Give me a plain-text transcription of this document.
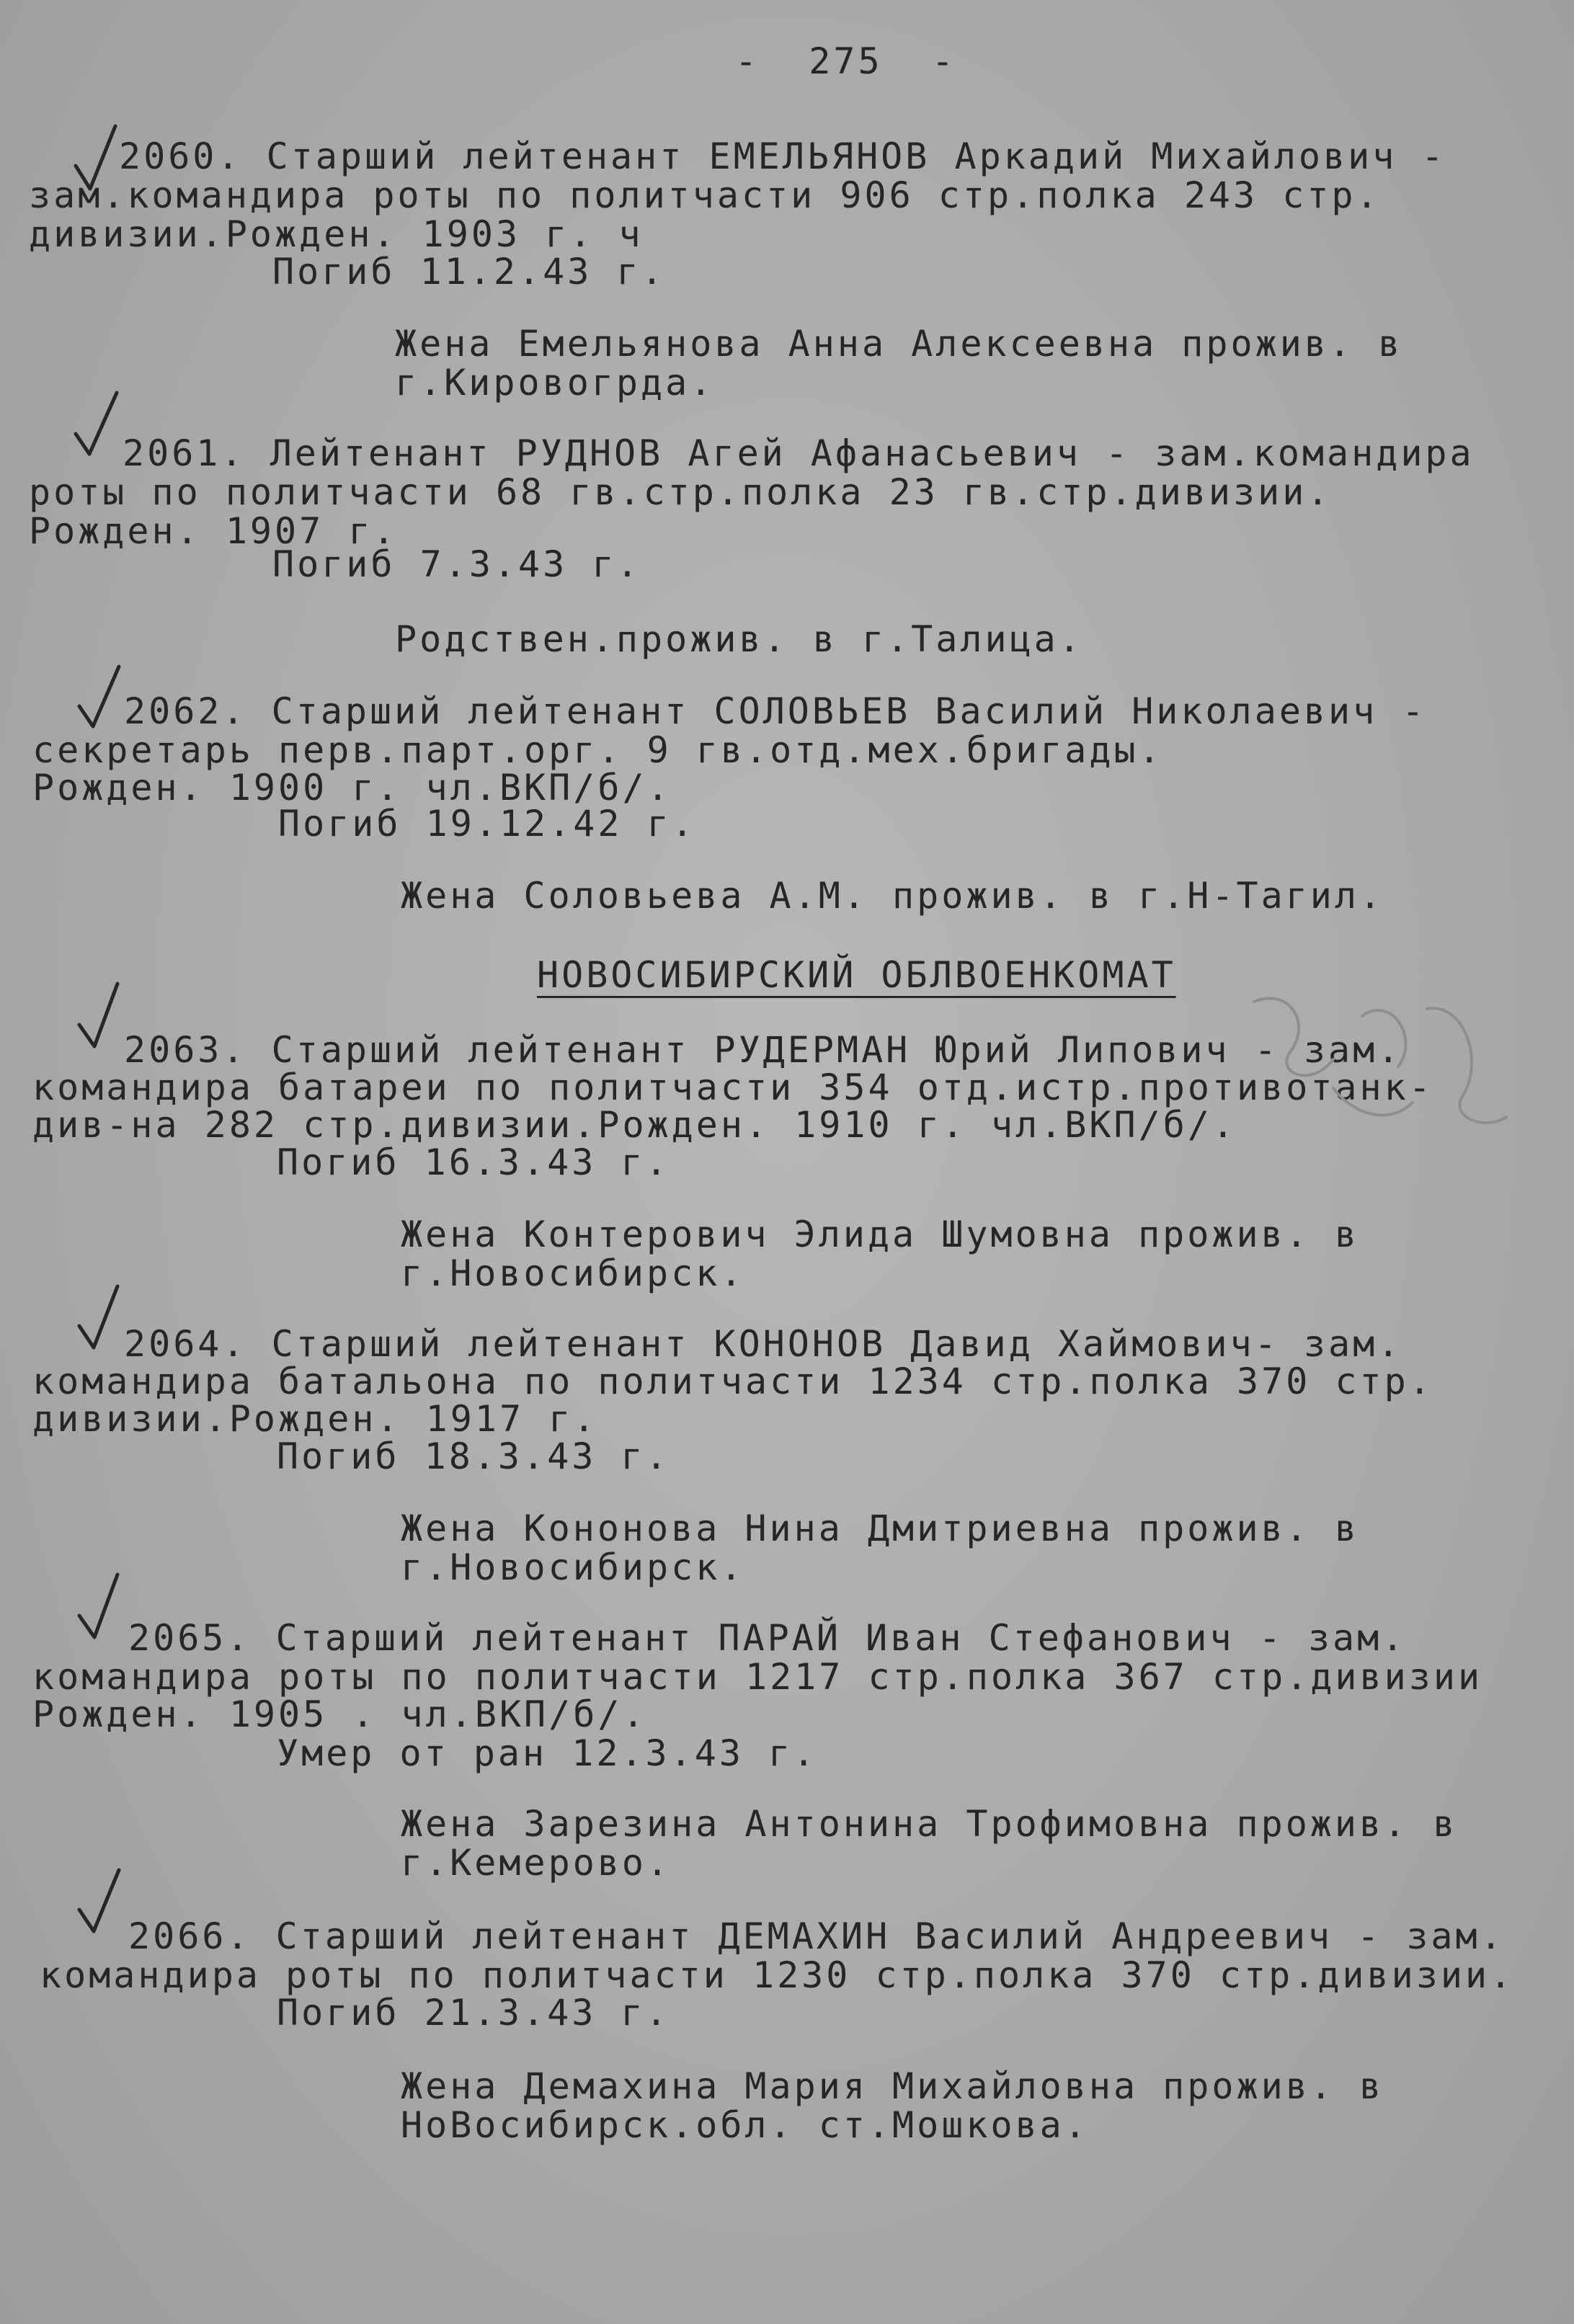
-  275  -
2060. Старший лейтенант ЕМЕЛЬЯНОВ Аркадий Михайлович -
зам.командира роты по политчасти 906 стр.полка 243 стр.
дивизии.Рожден. 1903 г. ч
Погиб 11.2.43 г.
Жена Емельянова Анна Алексеевна прожив. в
г.Кировогрда.
2061. Лейтенант РУДНОВ Агей Афанасьевич - зам.командира
роты по политчасти 68 гв.стр.полка 23 гв.стр.дивизии.
Рожден. 1907 г.
Погиб 7.3.43 г.
Родствен.прожив. в г.Талица.
2062. Старший лейтенант СОЛОВЬЕВ Василий Николаевич -
секретарь перв.парт.орг. 9 гв.отд.мех.бригады.
Рожден. 1900 г. чл.ВКП/б/.
Погиб 19.12.42 г.
Жена Соловьева А.М. прожив. в г.Н-Тагил.
НОВОСИБИРСКИЙ ОБЛВОЕНКОМАТ
2063. Старший лейтенант РУДЕРМАН Юрий Липович - зам.
командира батареи по политчасти 354 отд.истр.противотанк-
див-на 282 стр.дивизии.Рожден. 1910 г. чл.ВКП/б/.
Погиб 16.3.43 г.
Жена Контерович Элида Шумовна прожив. в
г.Новосибирск.
2064. Старший лейтенант КОНОНОВ Давид Хаймович- зам.
командира батальона по политчасти 1234 стр.полка 370 стр.
дивизии.Рожден. 1917 г.
Погиб 18.3.43 г.
Жена Кононова Нина Дмитриевна прожив. в
г.Новосибирск.
2065. Старший лейтенант ПАРАЙ Иван Стефанович - зам.
командира роты по политчасти 1217 стр.полка 367 стр.дивизии
Рожден. 1905 . чл.ВКП/б/.
Умер от ран 12.3.43 г.
Жена Зарезина Антонина Трофимовна прожив. в
г.Кемерово.
2066. Старший лейтенант ДЕМАХИН Василий Андреевич - зам.
командира роты по политчасти 1230 стр.полка 370 стр.дивизии.
Погиб 21.3.43 г.
Жена Демахина Мария Михайловна прожив. в
НоВосибирск.обл. ст.Мошкова.
